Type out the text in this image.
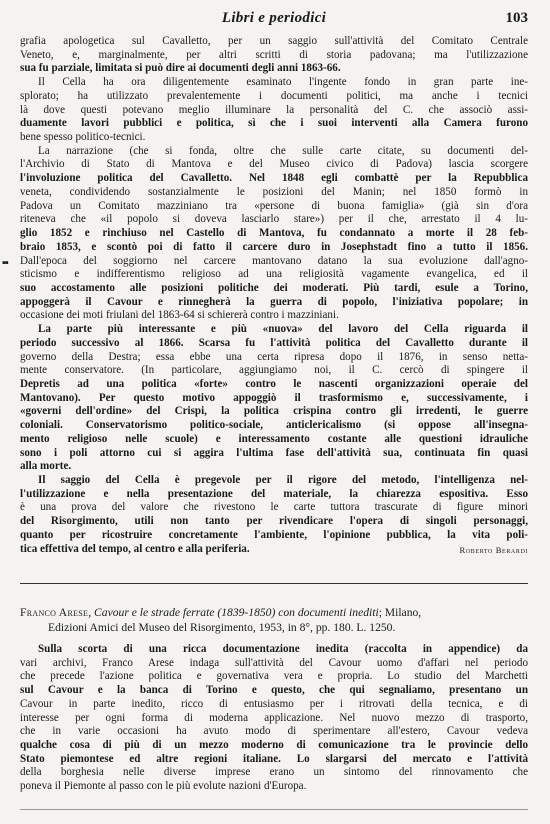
Libri e periodici	103
▪▪

grafia apologetica sul Cavalletto, per un saggio sull'attività del Comitato Centrale

Veneto, e, marginalmente, per altri scritti di storia padovana; ma l'utilizzazione

sua fu parziale, limitata si può dire ai documenti degli anni 1863-66.

Il Cella ha ora diligentemente esaminato l'ingente fondo in gran parte ine-

splorato; ha utilizzato prevalentemente i documenti politici, ma anche i tecnici

là dove questi potevano meglio illuminare la personalità del C. che associò assi-

duamente lavori pubblici e politica, sì che i suoi interventi alla Camera furono

bene spesso politico-tecnici.

La narrazione (che si fonda, oltre che sulle carte citate, su documenti del-

l'Archivio di Stato di Mantova e del Museo civico di Padova) lascia scorgere

l'involuzione politica del Cavalletto. Nel 1848 egli combattè per la Repubblica

veneta, condividendo sostanzialmente le posizioni del Manin; nel 1850 formò in

Padova un Comitato mazziniano tra «persone di buona famiglia» (già sin d'ora

riteneva che «il popolo si doveva lasciarlo stare») per il che, arrestato il 4 lu-

glio 1852 e rinchiuso nel Castello di Mantova, fu condannato a morte il 28 feb-

braio 1853, e scontò poi di fatto il carcere duro in Josephstadt fino a tutto il 1856.

Dall'epoca del soggiorno nel carcere mantovano datano la sua evoluzione dall'agno-

sticismo e indifferentismo religioso ad una religiosità vagamente evangelica, ed il

suo accostamento alle posizioni politiche dei moderati. Più tardi, esule a Torino,

appoggerà il Cavour e rinnegherà la guerra di popolo, l'iniziativa popolare; in

occasione dei moti friulani del 1863-64 si schiererà contro i mazziniani.

La parte più interessante e più «nuova» del lavoro del Cella riguarda il

periodo successivo al 1866. Scarsa fu l'attività politica del Cavalletto durante il

governo della Destra; essa ebbe una certa ripresa dopo il 1876, in senso netta-

mente conservatore. (In particolare, aggiungiamo noi, il C. cercò di spingere il

Depretis ad una politica «forte» contro le nascenti organizzazioni operaie del

Mantovano). Per questo motivo appoggiò il trasformismo e, successivamente, i

«governi dell'ordine» del Crispi, la politica crispina contro gli irredenti, le guerre

coloniali. Conservatorismo politico-sociale, anticlericalismo (si oppose all'insegna-

mento religioso nelle scuole) e interessamento costante alle questioni idrauliche

sono i poli attorno cui si aggira l'ultima fase dell'attività sua, continuata fin quasi

alla morte.

Il saggio del Cella è pregevole per il rigore del metodo, l'intelligenza nel-

l'utilizzazione e nella presentazione del materiale, la chiarezza espositiva. Esso

è una prova del valore che rivestono le carte tuttora trascurate di figure minori

del Risorgimento, utili non tanto per rivendicare l'opera di singoli personaggi,

quanto per ricostruire concretamente l'ambiente, l'opinione pubblica, la vita poli-

tica effettiva del tempo, al centro e alla periferia.	Roberto Berardi

Franco Arese, Cavour e le strade ferrate (1839-1850) con documenti inediti; Milano,

Edizioni Amici del Museo del Risorgimento, 1953, in 8°, pp. 180. L. 1250.

Sulla scorta di una ricca documentazione inedita (raccolta in appendice) da

vari archivi, Franco Arese indaga sull'attività del Cavour uomo d'affari nel periodo

che precede l'azione politica e governativa vera e propria. Lo studio del Marchetti

sul Cavour e la banca di Torino e questo, che qui segnaliamo, presentano un

Cavour in parte inedito, ricco di entusiasmo per i ritrovati della tecnica, e di

interesse per ogni forma di moderna applicazione. Nel nuovo mezzo di trasporto,

che in varie occasioni ha avuto modo di sperimentare all'estero, Cavour vedeva

qualche cosa di più di un mezzo moderno di comunicazione tra le provincie dello

Stato piemontese ed altre regioni italiane. Lo slargarsi del mercato e l'attività

della borghesia nelle diverse imprese erano un sintomo del rinnovamento che

poneva il Piemonte al passo con le più evolute nazioni d'Europa.
